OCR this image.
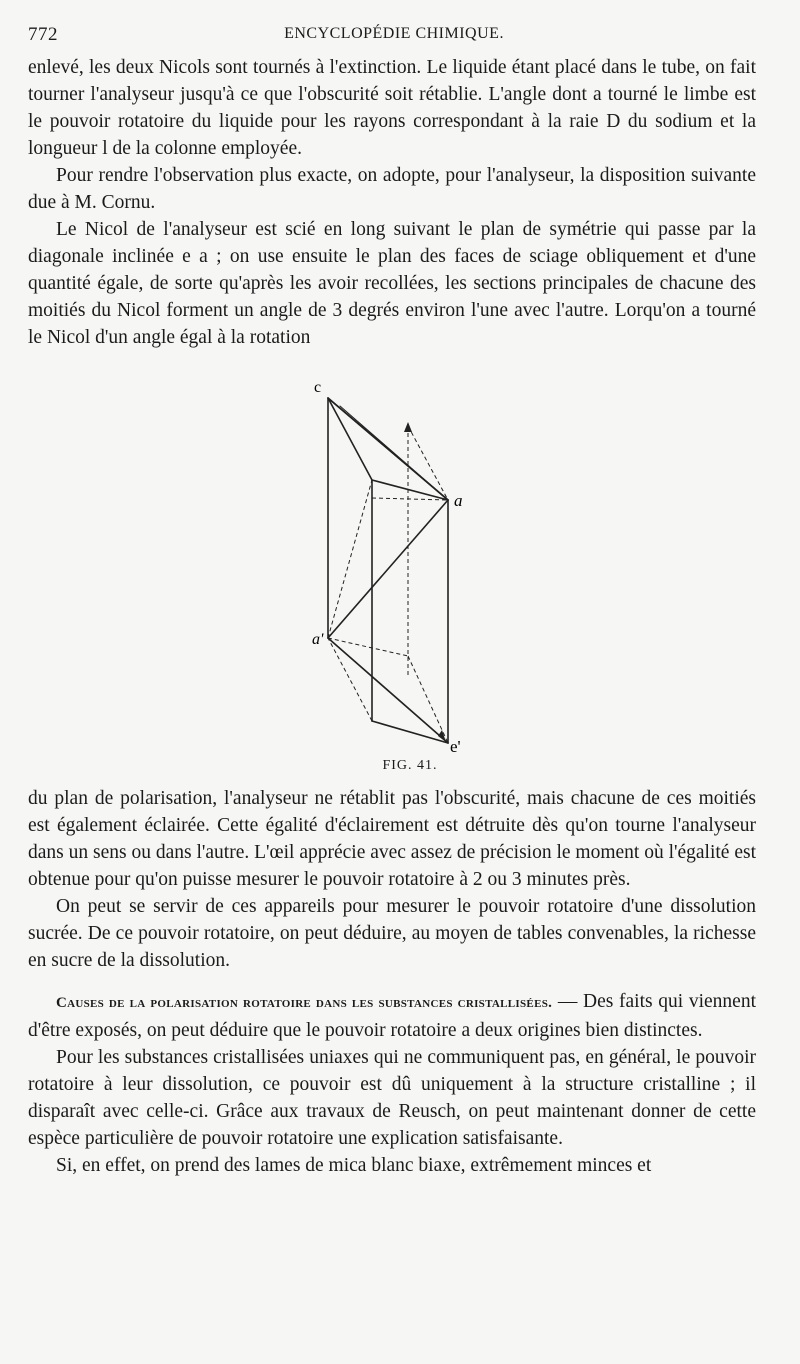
772	ENCYCLOPÉDIE CHIMIQUE.

enlevé, les deux Nicols sont tournés à l'extinction. Le liquide étant placé dans le tube, on fait tourner l'analyseur jusqu'à ce que l'obscurité soit rétablie. L'angle dont a tourné le limbe est le pouvoir rotatoire du liquide pour les rayons correspondant à la raie D du sodium et la longueur l de la colonne employée.

Pour rendre l'observation plus exacte, on adopte, pour l'analyseur, la disposition suivante due à M. Cornu.

Le Nicol de l'analyseur est scié en long suivant le plan de symétrie qui passe par la diagonale inclinée e a ; on use ensuite le plan des faces de sciage obliquement et d'une quantité égale, de sorte qu'après les avoir recollées, les sections principales de chacune des moitiés du Nicol forment un angle de 3 degrés environ l'une avec l'autre. Lorqu'on a tourné le Nicol d'un angle égal à la rotation

c
a
a'
e'
FIG. 41.

du plan de polarisation, l'analyseur ne rétablit pas l'obscurité, mais chacune de ces moitiés est également éclairée. Cette égalité d'éclairement est détruite dès qu'on tourne l'analyseur dans un sens ou dans l'autre. L'œil apprécie avec assez de précision le moment où l'égalité est obtenue pour qu'on puisse mesurer le pouvoir rotatoire à 2 ou 3 minutes près.

On peut se servir de ces appareils pour mesurer le pouvoir rotatoire d'une dissolution sucrée. De ce pouvoir rotatoire, on peut déduire, au moyen de tables convenables, la richesse en sucre de la dissolution.

Causes de la polarisation rotatoire dans les substances cristallisées. — Des faits qui viennent d'être exposés, on peut déduire que le pouvoir rotatoire a deux origines bien distinctes.

Pour les substances cristallisées uniaxes qui ne communiquent pas, en général, le pouvoir rotatoire à leur dissolution, ce pouvoir est dû uniquement à la structure cristalline ; il disparaît avec celle-ci. Grâce aux travaux de Reusch, on peut maintenant donner de cette espèce particulière de pouvoir rotatoire une explication satisfaisante.

Si, en effet, on prend des lames de mica blanc biaxe, extrêmement minces et
